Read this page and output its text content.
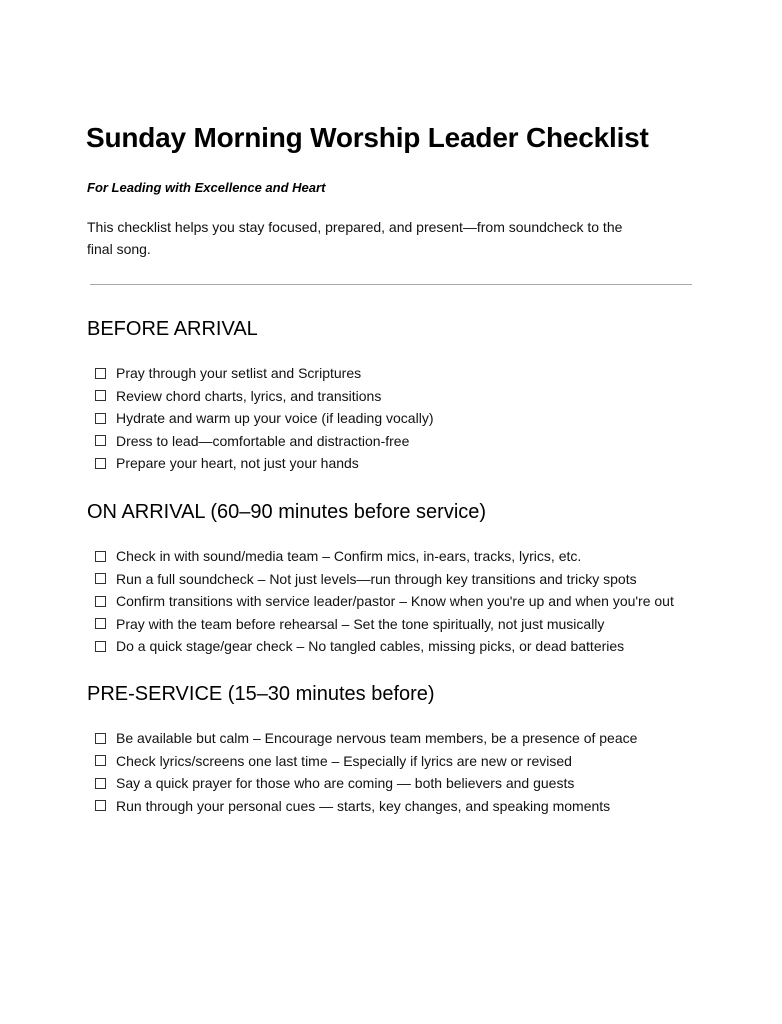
Sunday Morning Worship Leader Checklist

For Leading with Excellence and Heart

This checklist helps you stay focused, prepared, and present—from soundcheck to the
final song.

BEFORE ARRIVAL
Pray through your setlist and Scriptures
Review chord charts, lyrics, and transitions
Hydrate and warm up your voice (if leading vocally)
Dress to lead—comfortable and distraction-free
Prepare your heart, not just your hands
ON ARRIVAL (60–90 minutes before service)
Check in with sound/media team – Confirm mics, in-ears, tracks, lyrics, etc.
Run a full soundcheck – Not just levels—run through key transitions and tricky spots
Confirm transitions with service leader/pastor – Know when you're up and when you're out
Pray with the team before rehearsal – Set the tone spiritually, not just musically
Do a quick stage/gear check – No tangled cables, missing picks, or dead batteries
PRE-SERVICE (15–30 minutes before)
Be available but calm – Encourage nervous team members, be a presence of peace
Check lyrics/screens one last time – Especially if lyrics are new or revised
Say a quick prayer for those who are coming — both believers and guests
Run through your personal cues — starts, key changes, and speaking moments
